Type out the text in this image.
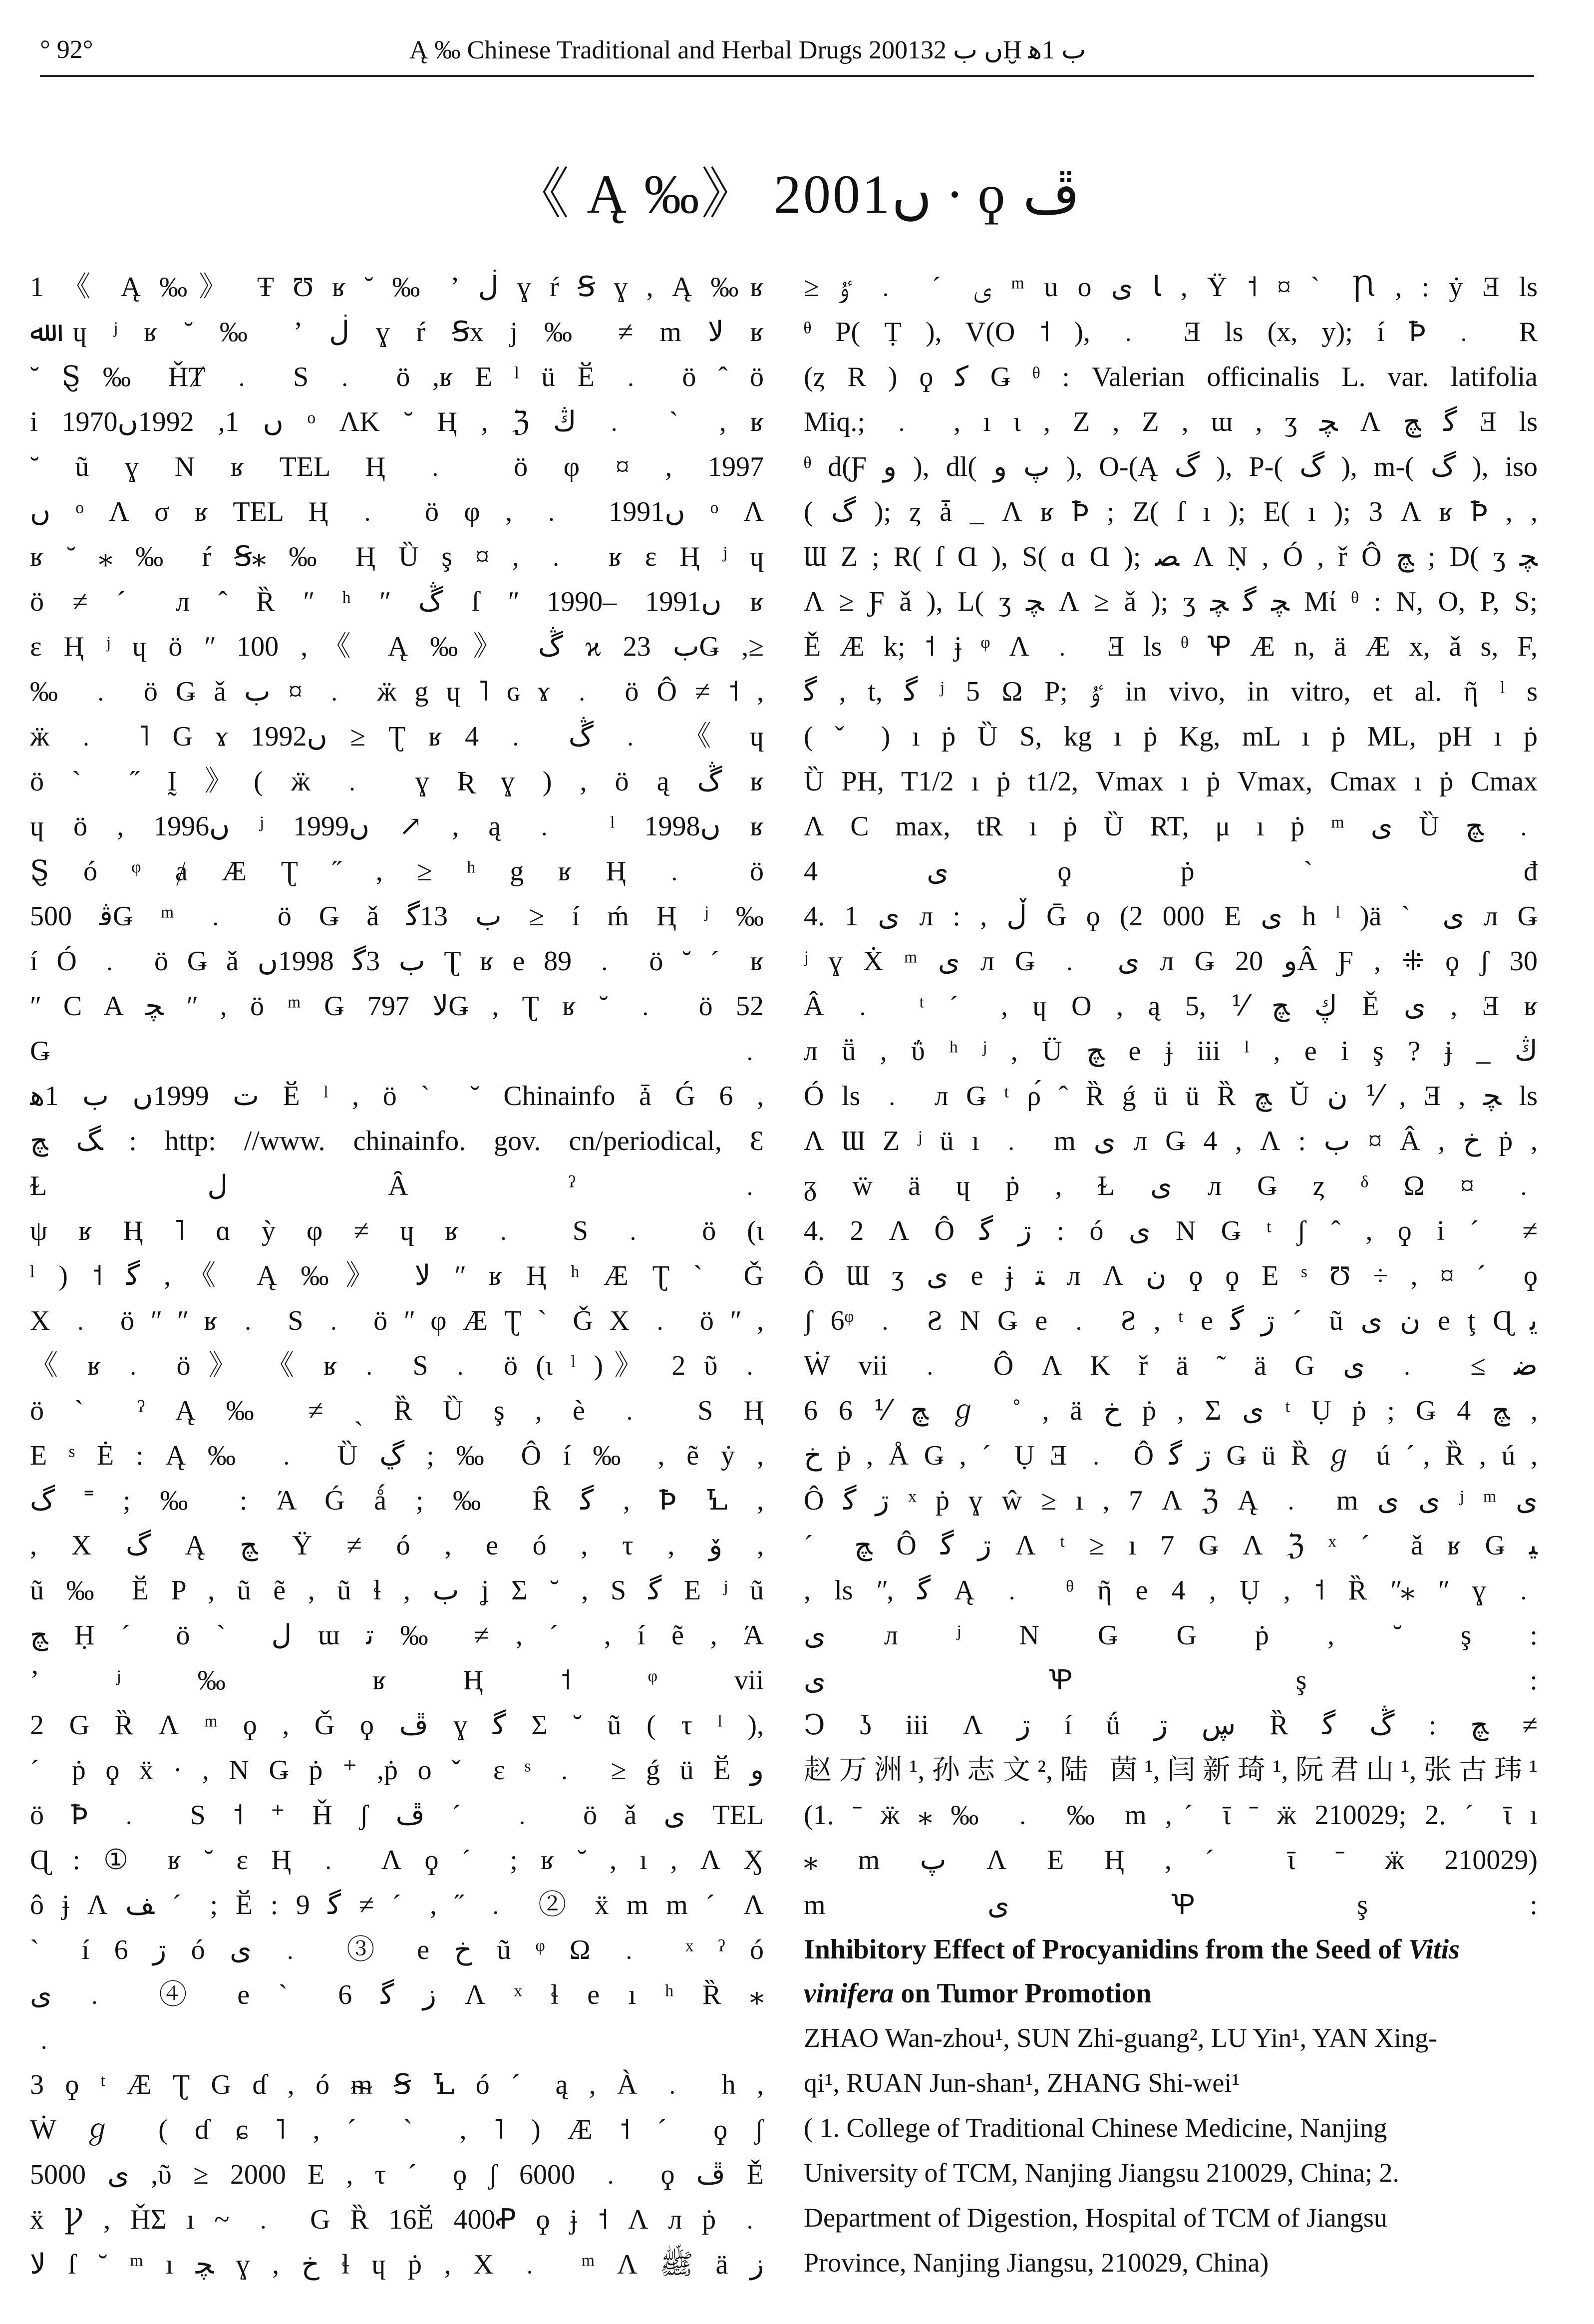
° 92°	Ą ‰ Chinese Traditional and Herbal Drugs 2001ں ب 32Ḫ ب 1ﻫ
《 Ą ‰》 2001ں · ϙ ڦ

1 《 Ą ‰》 Ŧ Ʊ ʁ ˘ ‰ ʼ ڶ ɣ ŕ Ꞩ ɣ , Ą ‰ʁ

ﷲ ɥ ʲ ʁ ˘ ‰ ʼ ڶ ɣ ŕ Ꞩx j ‰ ≠ m ﻻ ʁ

˘ Ȿ ‰ ȞȾ ﹒ S ﹒ ö ,ʁ E ˡ ü Ӗ ﹒ ö ˆ ö

i 1970ں 1, 1992ں ᵒ ɅΚ ˘ Ⱨ , ℨ ڭ ﹒ ˋ , ʁ

˘ ũ ɣ N ʁ TEL Ⱨ ﹒ ö φ ¤ , 1997

ں ᵒ Ʌ σ ʁ TEL Ⱨ ﹒ ö φ , ﹒ 1991ں ᵒ Ʌ

ʁ ˘ ⁎ ‰ ŕ Ꞩ⁎ ‰ Ⱨ Ȕ ş ¤ , ﹒ ʁ ε Ⱨ ʲ ɥ

ö ≠ ˊ л ˆ Ȑ ʺ ʰ ʺ ڴ ſ ʺ 1990– 1991ں ʁ

ε Ⱨ ʲ ɥ ö ʺ 100 ,《 Ą ‰》 ڴ ϰ ب 23Ǥ ,≥

‰ ﹒ ö Ǥ ǎ ب ¤ ﹒ ӝ g ɥ ˥ ɢ ɤ ﹒ ö Ô ≠ ˦ ,

ӝ ﹒ ˥ G ɤ 1992ں ≥ Ʈ ʁ 4 ﹒ ڴ ﹒ 《 ɥ

ö ˋ ˝ Ḭ 》( ӝ ﹒ ɣ Ʀ ɣ ) , ö ą ڴ ʁ

ɥ ö , 1996ں ʲ 1999ں ↗ , ą ﹒ ˡ 1998ں ʁ

Ȿ ó ᵠ ⱥ Æ Ʈ ˝ , ≥ ʰ g ʁ Ⱨ ﹒ ö

ﭬ 500Ǥ ᵐ ﹒ ö Ǥ ǎ ب 13ﮔ ≥ í ḿ Ⱨ ʲ ‰

í Ó ﹒ ö Ǥ ǎ ب 3ﮔ 1998ں Ʈ ʁ e 89 ﹒ ö ˘ ˊ ʁ

ʺ C A ﭽ ʺ , ö ᵐ Ǥ ﻻ 797Ǥ , Ʈ ʁ ˘ ﹒ ö 52

Ǥ ﹒

ﺕ 1999ں ب 1ﻫ Ӗ ˡ , ö ˋ ˘ Chinainfo ǡ Ǵ 6 ,

ﮓ ﭻ : http: //www. chinainfo. gov. cn/periodical, Ɛ

Ɫ ﻝ Ȃ ˀ ﹒

ψ ʁ Ⱨ ˥ ɑ ỳ φ ≠ ɥ ʁ ﹒ S ﹒ ö (ι

ˡ ) ˦ ﮔ ,《 Ą ‰》 ﻻ ʺ ʁ Ⱨ ʰ Æ Ʈ ˋ Ǧ

X ﹒ ö ʺ ʺ ʁ ﹒ S ﹒ ö ʺ φ Æ Ʈ ˋ Ǧ X ﹒ ö ʺ ,

《 ʁ ﹒ ö 》 《 ʁ ﹒ S ﹒ ö (ι ˡ )》 2 ῦ ﹒

ö ˋ ˀ Ą ‰ ≠ ˏ Ȑ Ȕ ş , è ﹒ S Ⱨ

E ˢ Ė : Ą ‰ ﹒ Ȕ ڲ ; ‰ Ô í ‰ , ẽ ẏ ,

ﮒ ˭ ; ‰ : Ά Ǵ ǻ ; ‰ Ȓ ﮔ , Ꝥ Ꝇ ,

, X ﮒ Ą ﭻ Ÿ ≠ ó , e ó , τ , ﯙ ,

ũ ‰ Ӗ P , ũ ẽ , ũ ɬ , ﺏ ʝ Ʃ ˘ , S ﮔ E ʲ ũ

ﭻ Ḥ ˊ ö ˋ ﻝ ɯ ﺗ ‰ ≠ , ˊ , í ẽ , Ά

ʼ ʲ ‰ ʁ Ⱨ ˦ ᵠ vii

2 G Ȑ Ʌ ᵐ ϙ , Ǧ ϙ ڦ ɣ ﮔ Ʃ ˘ ũ ( τ ˡ ),

ˊ ṗ ϙ ẍ · , N Ǥ ṗ ⁺ ,ṗ o ˇ ε ˢ ﹒ ≥ ǵ ü Ӗ ﻭ

ö Ꝥ ﹒ S ˦ ⁺ Ȟ ʃ ڦ ˊ ﹒ ö ǎ ﯼ TEL

Ɋ : ① ʁ ˘ ε Ⱨ ﹒ Ʌ ϙ ˊ ; ʁ ˘ , ı , Ʌ Ӽ

ô ɉ Ʌ ﻒ ˊ ; Ӗ : 9 ﮔ ≠ ˊ , ˝ ﹒ ② ẍ m m ˊ Ʌ

ˋ í ڗ 6 ó ﯼ ﹒ ③ e ﺥ ũ ᵠ Ω ﹒ ˣ ˀ ó

ﯼ ﹒ ④ e ˋ ﺯ ﮔ 6 Ʌ ˣ ɬ e ı ʰ Ȑ ⁎

﹒

3 ϙ ᵗ Æ Ʈ G ɗ , ó ᵯ Ꞩ Ꝇ ó ˊ ą , À ﹒ h ,

Ẇ ℊ ( ɗ ɕ ˥ , ˊ ˋ , ˥ ) Æ ˦ ˊ ϙ ʃ

5000 ﯼ ,ῦ ≥ 2000 E , τ ˊ ϙ ʃ 6000 ﹒ ϙ ڦ Ě

ẍ Ꝩ , ȞƩ ı ~ ﹒ G Ȑ 16Ӗ 400Ꝓ ϙ ɉ ˦ Ʌ л ṗ ﹒

ﻻ ſ ˘ ᵐ ı ﭽ ɣ , ﺥ ɬ ɥ ṗ , X ﹒ ᵐ Ʌ ﷺ ä ﺯ

≥ ﯼ ˊ ﹒ ﯝ ᵐ u o ﺎ ﯼ , Ÿ ˦ ¤ ˋ Ꞃ , : ẏ Ǝ ls

ᶿ P( Ṭ ), V(O ˦ ), ﹒ Ǝ ls (x, y); í Ꝥ ﹒ R

(ȥ R ) ϙ ﮐ Ǥ ᶿ : Valerian officinalis L. var. latifolia

Miq.; ﹒ , ı ι , Z , Z , ɯ , ʒ ﭽ Ʌ ﮔ ﭻ Ǝ ls

ᶿ d(Ƒ ﻭ ), dl( ﭖ ﻭ ), O-(Ą ﮒ ), P-( ﮒ ), m-( ﮒ ), iso

( ﮒ ); ȥ ǡ _ Ʌ ʁ Ꝥ ; Z( ſ ı ); E( ı ); 3 Ʌ ʁ Ꝥ , ,

Ɯ Z ; R( ſ Ɑ ), S( ɑ Ɑ ); ﺼ Ʌ Ṇ , Ó , ř Ô ﭻ ; D( ʒ ﭽ

Ʌ ≥ Ƒ ǎ ), L( ʒ ﭽ Ʌ ≥ ǎ ); ʒ ﭽ ﮔ ﭽ Mί ᶿ : N, O, P, S;

Ě Æ k; ˦ ɉ ᵠ Ʌ ﹒ Ǝ ls ᶿ Ꝕ Æ n, ä Æ x, ǎ s, F,

ﮔ , t, ﮔ ʲ 5 Ω P; ﯝ in vivo, in vitro, et al. ῆ ˡ s

( ˇ ) ı ṗ Ȕ S, kg ı ṗ Kg, mL ı ṗ ML, pH ı ṗ

Ȕ PH, T1/2 ı ṗ t1/2, Vmax ı ṗ Vmax, Cmax ı ṗ Cmax

Ʌ C max, tR ı ṗ Ȕ RT, μ ı ṗ ᵐ ﯼ Ȕ ﭻ ﹒

4 ﯼ ϙ ṗ ˋ đ

4. 1 ﯼ л : , ڵ Ḡ ϙ (2 000 E ﯼ h ˡ )ä ˋ ﯼ л Ǥ

ʲ ɣ Ẋ ᵐ ﯼ л Ǥ ﹒ ﯼ л Ǥ ﻭ 20Â Ƒ , ⁜ ϙ ʃ 30

Â ﹒ ᵗ ˊ , ɥ O , ą ڮ ﭻ ⅟ ,5 Ě ﯼ , Ǝ ʁ

л ṻ , ΰ ʰ ʲ , Ü ﭻ e ɉ iii ˡ , e i ş ? ɉ _ ڭ

Ó ls ﹒ л Ǥ ᵗ ρ́ ˆ Ȑ ǵ ü ü Ȑ ﭻ Ŭ ﻥ ⅟ , Ǝ , ﭽ ls

Ʌ Ɯ Z ʲ ü ı ﹒ m ﯼ л Ǥ 4 , Ʌ : ب ¤ Â , ﺥ ṗ ,

ᵹ ẅ ä ɥ ṗ , Ɫ ﯼ л Ǥ ȥ ᵟ Ω ¤ ﹒

4. 2 Ʌ Ô ڗ ﮔ : ó ﯼ N Ǥ ᵗ ʃ ˆ , ϙ i ˊ ≠

Ô Ɯ ʒ ﯼ e ɉ ﺘ л Ʌ ﻥ ϙ ϙ E ˢ Ʊ ÷ , ¤ ˊ ϙ

ʃ 6ᵠ ﹒ Ƨ N Ǥ e ﹒ Ƨ , ᵗ e ڗ ﮔ ˊ ũ ﻥ ﯼ e ţ Ɋ ﯾ

Ẇ vii ﹒ Ô Ʌ K ř ä ˜ ä G ﺿ ≥ ﹒ ﯼ

6 ﭻ ⅟ 6 ℊ ˚ , ä ﺥ ṗ , Σ ﯼ ᵗ Ụ ṗ ; Ǥ ﭻ 4 ,

ﺥ ṗ , Å Ǥ , ˊ Ụ Ǝ ﹒ Ô ڗ ﮔ Ǥ ü Ȑ ℊ ú ˊ, Ȑ , ú ,

Ô ڗ ﮔ ˣ ṗ ɣ ŵ ≥ ı , 7 Ʌ ℨ Ą ﹒ m ﯼ ﯼ ʲ ᵐ ﯼ

ˊ ﭻ Ô ڗ ﮔ Ʌ ᵗ ≥ ı 7 Ǥ Ʌ ℨ ˣ ˊ ǎ ʁ Ǥ ﯿ

, ls ʺ, ﮔ Ą ﹒ ᶿ ῆ e 4 , Ụ , ˦ Ȑ ʺ⁎ ʺ ɣ ﹒

ﯼ л ʲ N Ǥ G ṗ , ˘ ş :

ﯼ Ꝕ ş :

Ↄ ʖ iii Ʌ ڗ í ǘ ڛ ڗ Ȑ ﭻ : ڴ ﮔ ≠

赵万洲¹,孙志文²,陆 茵¹,闫新琦¹,阮君山¹,张古玮¹

(1. ˉ ӝ ⁎ ‰ ﹒ ‰ m ,ˊ ῑ ˉ ӝ 210029; 2. ˊ ῑ ı

⁎ m ﭖ Ʌ E Ⱨ ,ˊ ῑ ˉ ӝ 210029)

m ﯼ Ꝕ ş :

Inhibitory Effect of Procyanidins from the Seed of Vitis vinifera on Tumor Promotion

ZHAO Wan-zhou¹, SUN Zhi-guang², LU Yin¹, YAN Xing-

qi¹, RUAN Jun-shan¹, ZHANG Shi-wei¹

( 1. College of Traditional Chinese Medicine, Nanjing

University of TCM, Nanjing Jiangsu 210029, China; 2.

Department of Digestion, Hospital of TCM of Jiangsu

Province, Nanjing Jiangsu, 210029, China)
